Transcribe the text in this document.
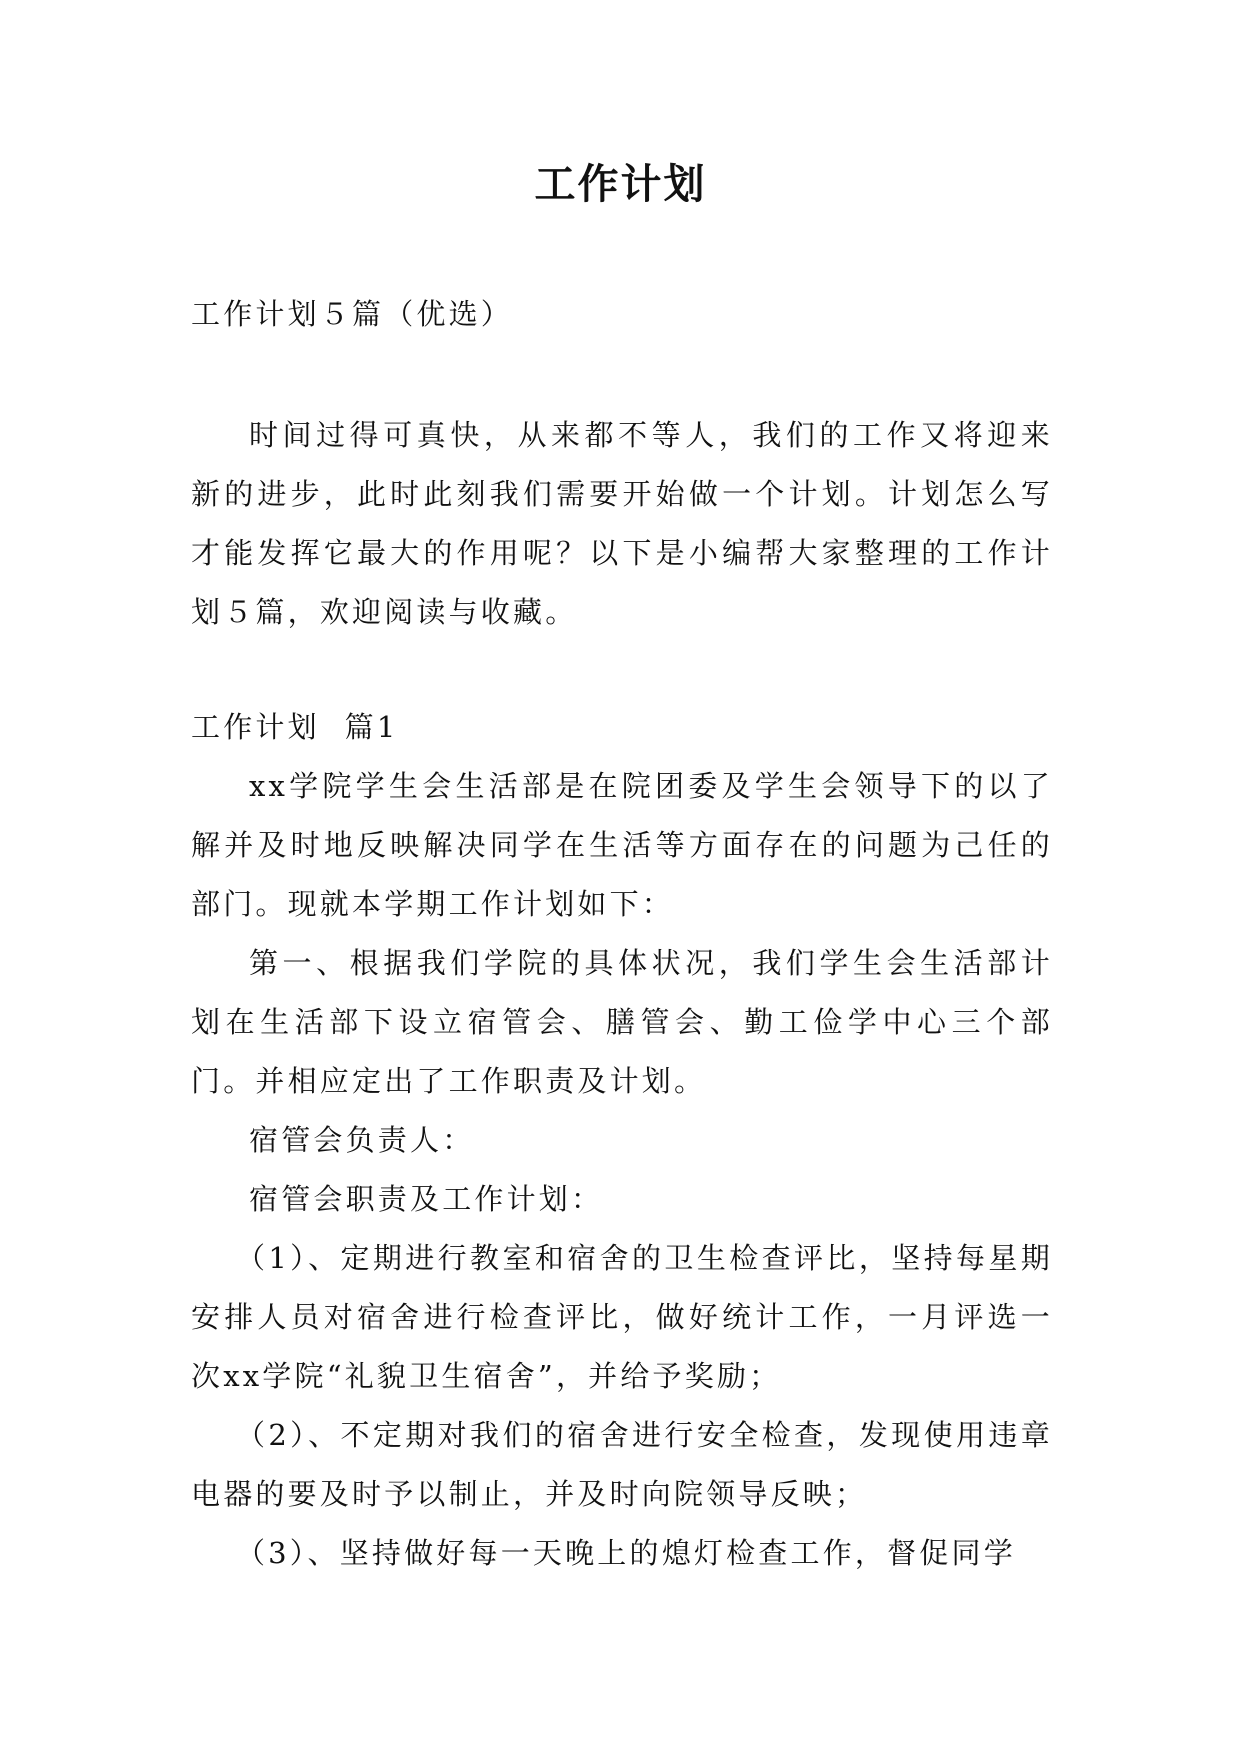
工作计划

工作计划５篇（优选）

时间过得可真快，从来都不等人，我们的工作又将迎来新的进步，此时此刻我们需要开始做一个计划。计划怎么写才能发挥它最大的作用呢？以下是小编帮大家整理的工作计划５篇，欢迎阅读与收藏。

工作计划  篇1

xx学院学生会生活部是在院团委及学生会领导下的以了解并及时地反映解决同学在生活等方面存在的问题为己任的部门。现就本学期工作计划如下：

第一、根据我们学院的具体状况，我们学生会生活部计划在生活部下设立宿管会、膳管会、勤工俭学中心三个部门。并相应定出了工作职责及计划。

宿管会负责人：

宿管会职责及工作计划：

（1）、定期进行教室和宿舍的卫生检查评比，坚持每星期安排人员对宿舍进行检查评比，做好统计工作，一月评选一次xx学院“礼貌卫生宿舍”，并给予奖励；

（2）、不定期对我们的宿舍进行安全检查，发现使用违章电器的要及时予以制止，并及时向院领导反映；

（3）、坚持做好每一天晚上的熄灯检查工作，督促同学
